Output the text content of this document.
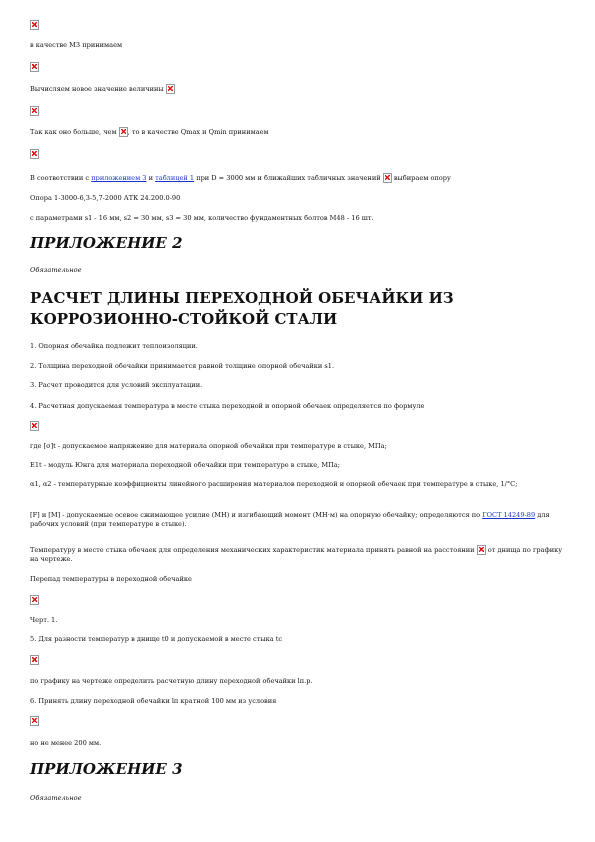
в качестве M3 принимаем

Вычисляем новое значение величины

Так как оно больше, чем , то в качестве Qmax и Qmin принимаем

В соответствии с приложением 3 и таблицей 1 при D = 3000 мм и ближайших табличных значений выбираем опору

Опора 1-3000-6,3-5,7-2000 АТК 24.200.0-90

с параметрами s1 - 16 мм, s2 = 30 мм, s3 = 30 мм, количество фундаментных болтов M48 - 16 шт.

ПРИЛОЖЕНИЕ 2

Обязательное

РАСЧЕТ ДЛИНЫ ПЕРЕХОДНОЙ ОБЕЧАЙКИ ИЗ КОРРОЗИОННО-СТОЙКОЙ СТАЛИ

1. Опорная обечайка подлежит теплоизоляции.

2. Толщина переходной обечайки принимается равной толщине опорной обечайки s1.

3. Расчет проводится для условий эксплуатации.

4. Расчетная допускаемая температура в месте стыка переходной и опорной обечаек определяется по формуле

где [σ]t - допускаемое напряжение для материала опорной обечайки при температуре в стыке, МПа;

E1t - модуль Юнга для материала переходной обечайки при температуре в стыке, МПа;

α1, α2 - температурные коэффициенты линейного расширения материалов переходной и опорной обечаек при температуре в стыке, 1/°С;

[F] и [M] - допускаемые осевое сжимающее усилие (МН) и изгибающий момент (МН·м) на опорную обечайку; определяются по ГОСТ 14249-89 для рабочих условий (при температуре в стыке).

Температуру в месте стыка обечаек для определения механических характеристик материала принять равной на расстоянии от днища по графику на чертеже.

Перепад температуры в переходной обечайке

Черт. 1.

5. Для разности температур в днище t0 и допускаемой в месте стыка tc

по графику на чертеже определить расчетную длину переходной обечайки lп.р.

6. Принять длину переходной обечайки lп кратной 100 мм из условия

но не менее 200 мм.

ПРИЛОЖЕНИЕ 3

Обязательное
